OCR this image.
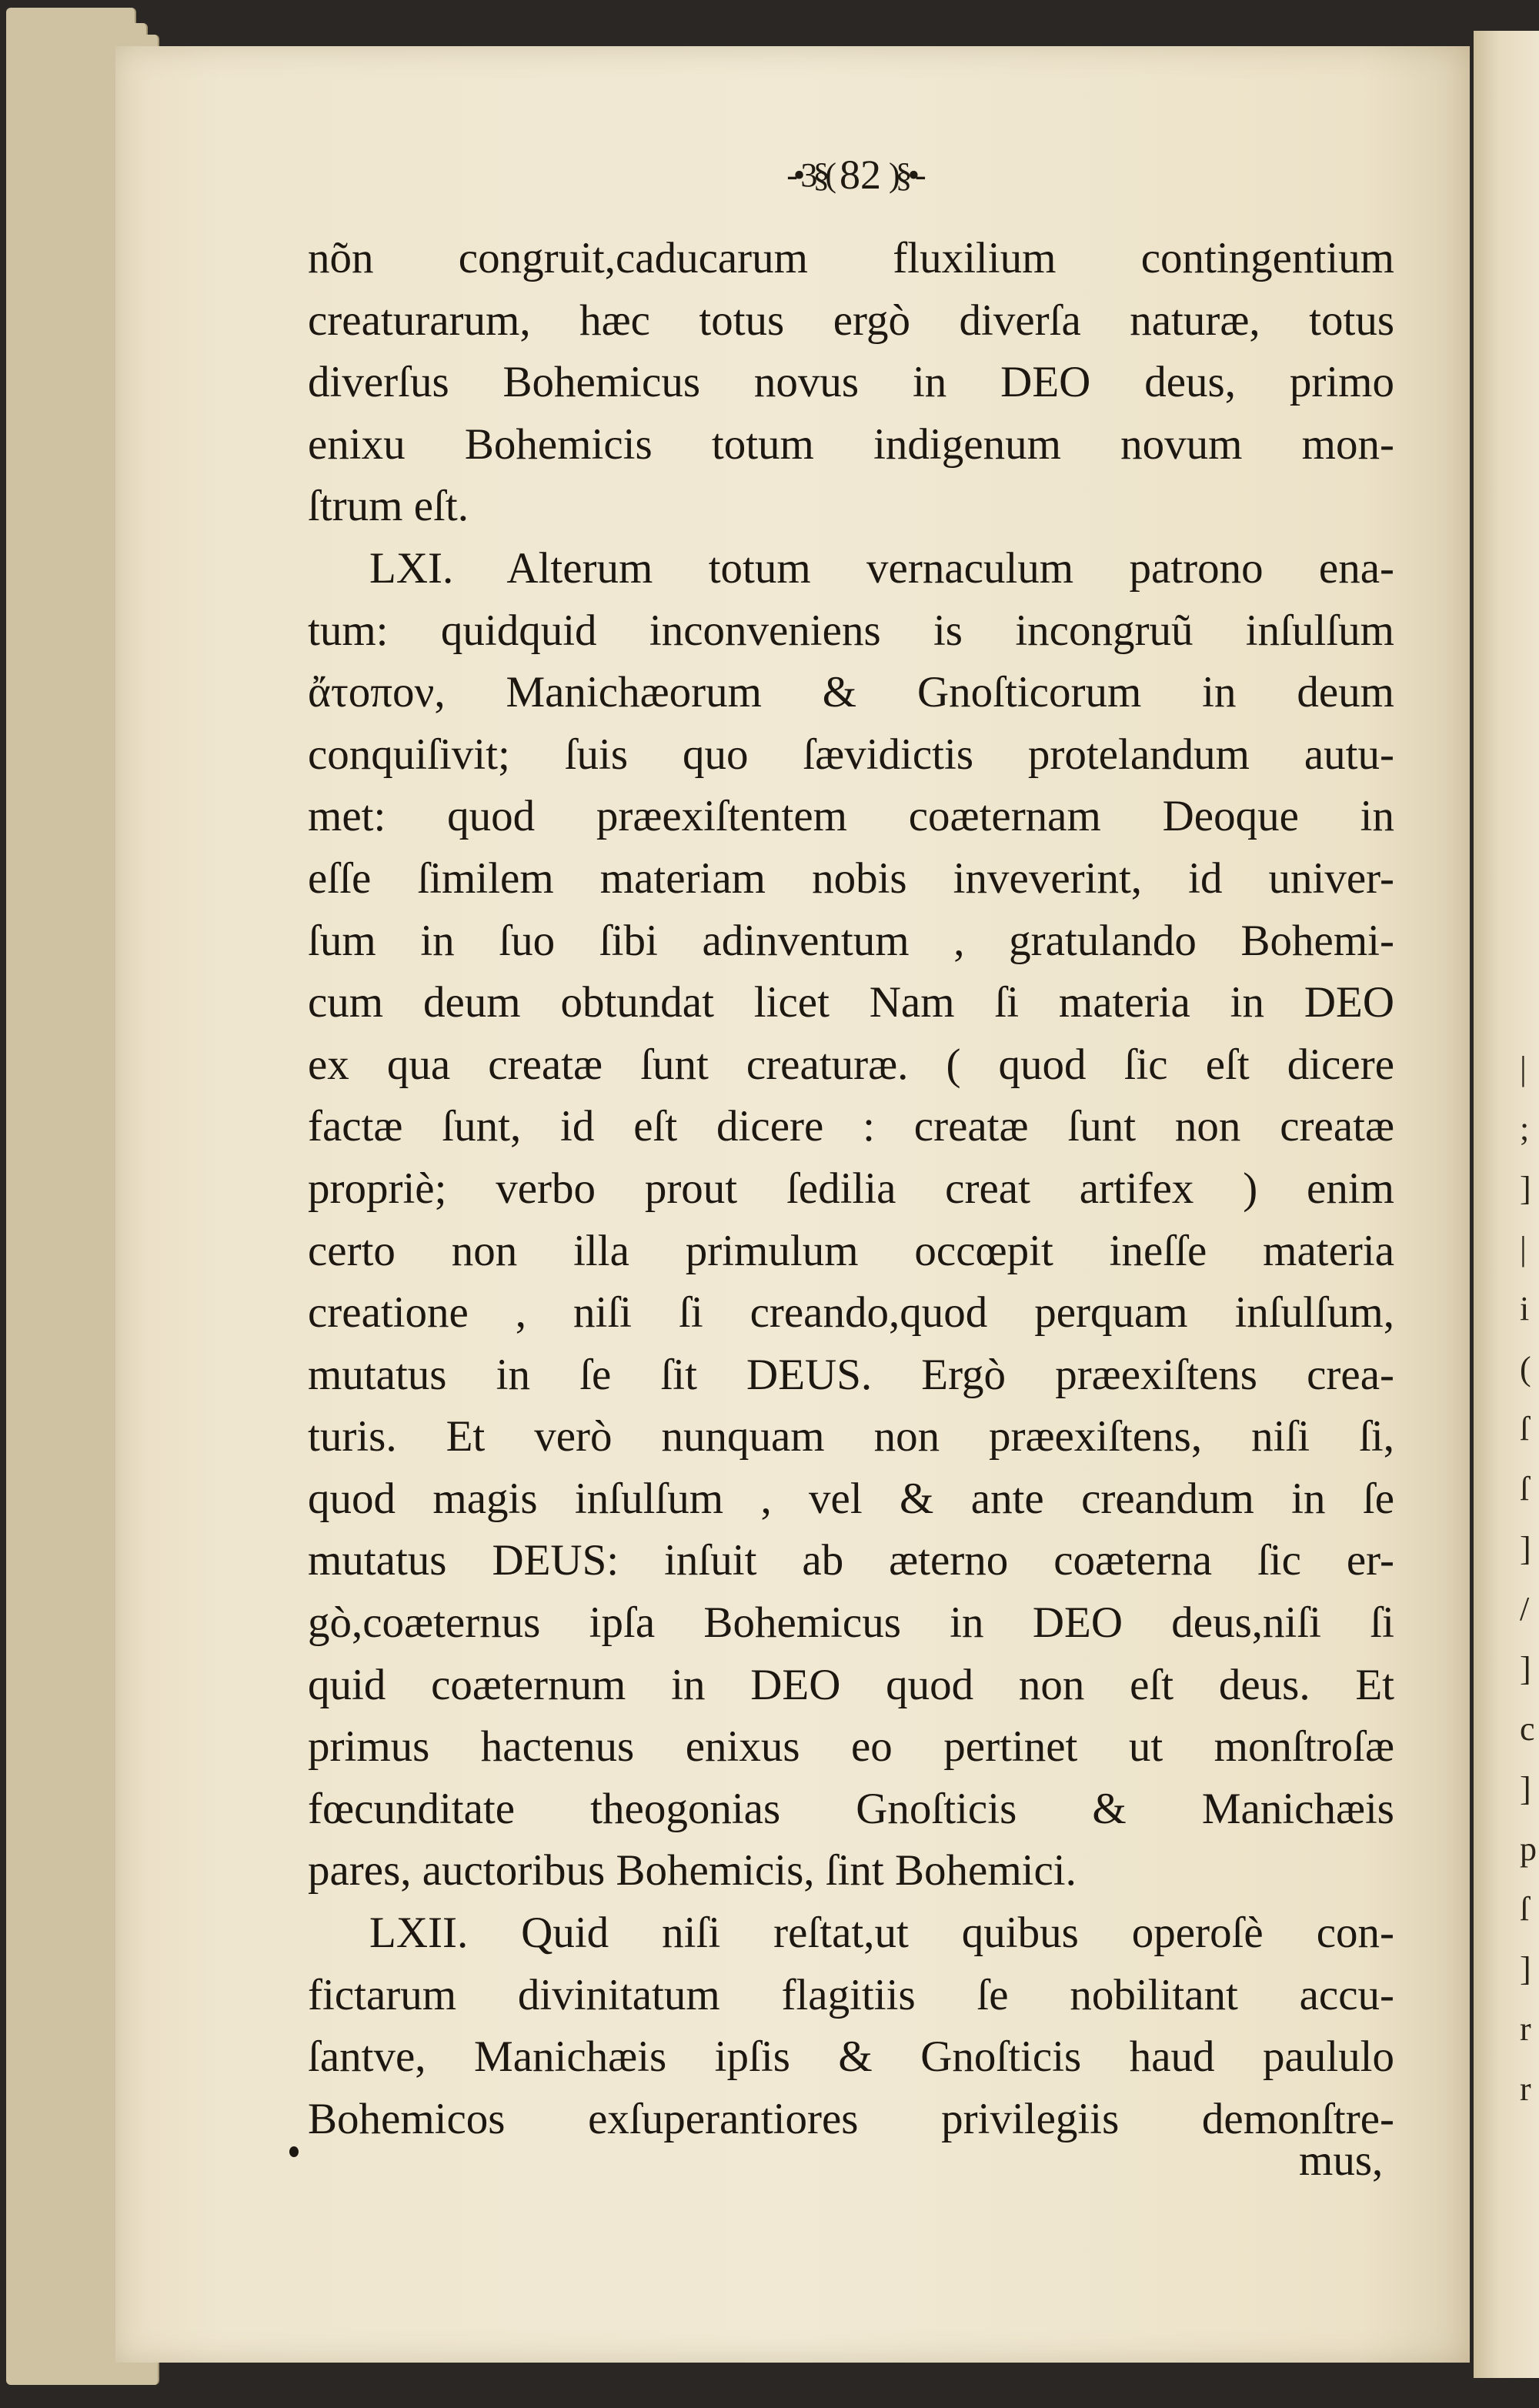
|
;
]
|
i
(
ſ
ſ
]
/
]
c
]
p
ſ
]
r
r
-•3§( 82 )§•-
nõn congruit,caducarum fluxilium contingentium
creaturarum, hæc totus ergò diverſa naturæ, totus
diverſus Bohemicus novus in DEO deus, primo
enixu Bohemicis totum indigenum novum mon-
ſtrum eſt.
LXI. Alterum totum vernaculum patrono ena-
tum: quidquid inconveniens is incongruũ inſulſum
ἄτοπον, Manichæorum & Gnoſticorum in deum
conquiſivit; ſuis quo ſævidictis protelandum autu-
met: quod præexiſtentem coæternam Deoque in
eſſe ſimilem materiam nobis inveverint, id univer-
ſum in ſuo ſibi adinventum , gratulando Bohemi-
cum deum obtundat licet Nam ſi materia in DEO
ex qua creatæ ſunt creaturæ. ( quod ſic eſt dicere
factæ ſunt, id eſt dicere : creatæ ſunt non creatæ
propriè; verbo prout ſedilia creat artifex ) enim
certo non illa primulum occœpit ineſſe materia
creatione , niſi ſi creando,quod perquam inſulſum,
mutatus in ſe ſit DEUS. Ergò præexiſtens crea-
turis. Et verò nunquam non præexiſtens, niſi ſi,
quod magis inſulſum , vel & ante creandum in ſe
mutatus DEUS: inſuit ab æterno coæterna ſic er-
gò,coæternus ipſa Bohemicus in DEO deus,niſi ſi
quid coæternum in DEO quod non eſt deus. Et
primus hactenus enixus eo pertinet ut monſtroſæ
fœcunditate theogonias Gnoſticis & Manichæis
pares, auctoribus Bohemicis, ſint Bohemici.
LXII. Quid niſi reſtat,ut quibus operoſè con-
fictarum divinitatum flagitiis ſe nobilitant accu-
ſantve, Manichæis ipſis & Gnoſticis haud paululo
Bohemicos exſuperantiores privilegiis demonſtre-
mus,
